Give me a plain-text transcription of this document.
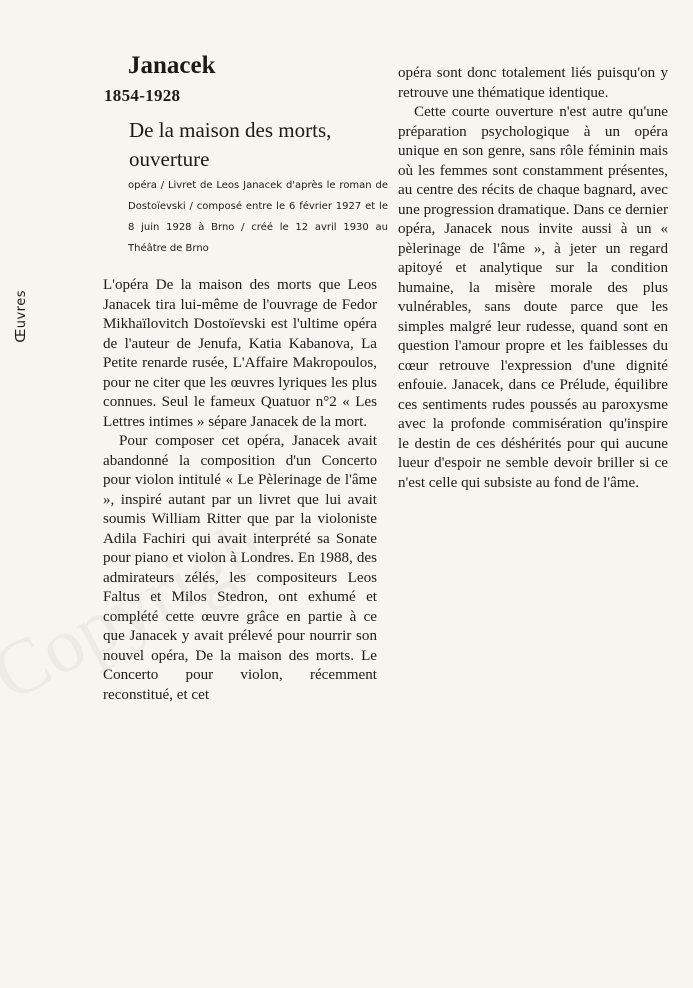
Œuvres
Janacek
1854-1928
De la maison des morts, ouverture
opéra / Livret de Leos Janacek d'après le roman de Dostoïevski / composé entre le 6 février 1927 et le 8 juin 1928 à Brno / créé le 12 avril 1930 au Théâtre de Brno

L'opéra De la maison des morts que Leos Janacek tira lui-même de l'ouvrage de Fedor Mikhaïlovitch Dostoïevski est l'ultime opéra de l'auteur de Jenufa, Katia Kabanova, La Petite renarde rusée, L'Affaire Makropoulos, pour ne citer que les œuvres lyriques les plus connues. Seul le fameux Quatuor n°2 « Les Lettres intimes » sépare Janacek de la mort.

Pour composer cet opéra, Janacek avait abandonné la composition d'un Concerto pour violon intitulé « Le Pèlerinage de l'âme », inspiré autant par un livret que lui avait soumis William Ritter que par la violoniste Adila Fachiri qui avait interprété sa Sonate pour piano et violon à Londres. En 1988, des admirateurs zélés, les compositeurs Leos Faltus et Milos Stedron, ont exhumé et complété cette œuvre grâce en partie à ce que Janacek y avait prélevé pour nourrir son nouvel opéra, De la maison des morts. Le Concerto pour violon, récemment reconstitué, et cet

opéra sont donc totalement liés puisqu'on y retrouve une thématique identique.

Cette courte ouverture n'est autre qu'une préparation psychologique à un opéra unique en son genre, sans rôle féminin mais où les femmes sont constamment présentes, au centre des récits de chaque bagnard, avec une progression dramatique. Dans ce dernier opéra, Janacek nous invite aussi à un « pèlerinage de l'âme », à jeter un regard apitoyé et analytique sur la condition humaine, la misère morale des plus vulnérables, sans doute parce que les simples malgré leur rudesse, quand sont en question l'amour propre et les faiblesses du cœur retrouve l'expression d'une dignité enfouie. Janacek, dans ce Prélude, équilibre ces sentiments rudes poussés au paroxysme avec la profonde commisération qu'inspire le destin de ces déshérités pour qui aucune lueur d'espoir ne semble devoir briller si ce n'est celle qui subsiste au fond de l'âme.
